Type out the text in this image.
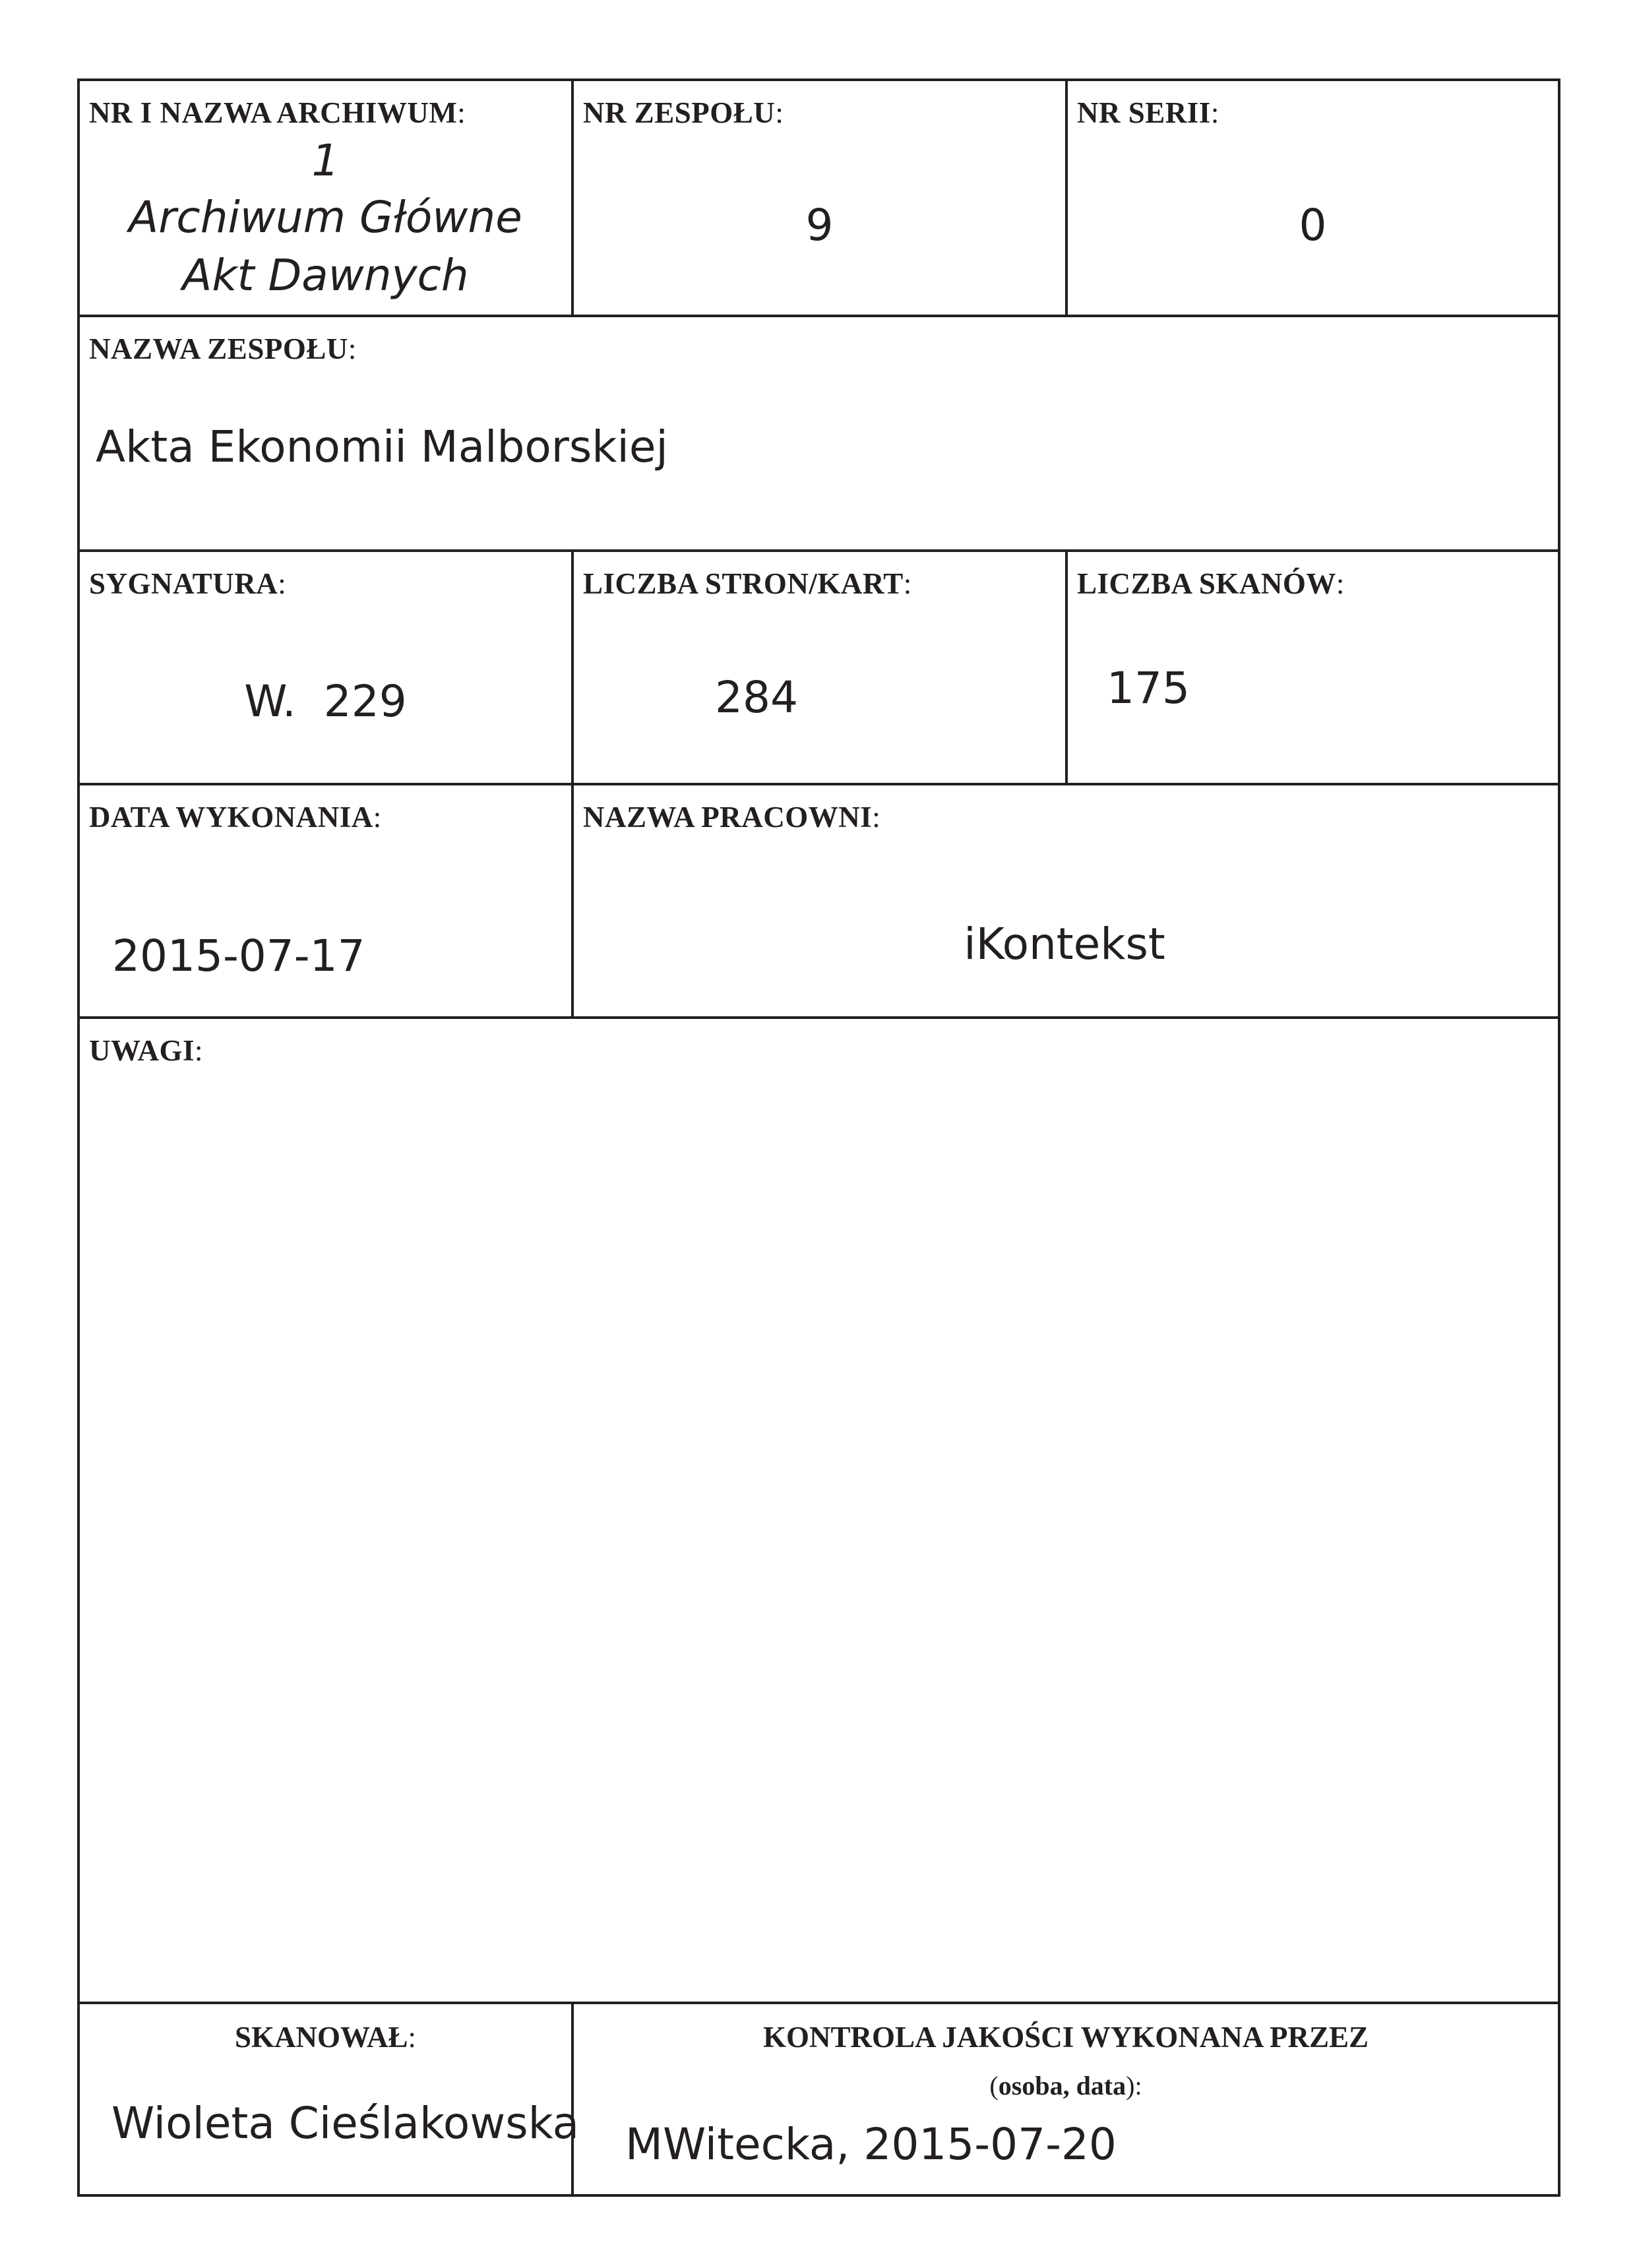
NR I NAZWA ARCHIWUM:
1
Archiwum Główne
Akt Dawnych
NR ZESPOŁU:
9
NR SERII:
0
NAZWA ZESPOŁU:
Akta Ekonomii Malborskiej
SYGNATURA:
W.  229
LICZBA STRON/KART:
284
LICZBA SKANÓW:
175
DATA WYKONANIA:
2015-07-17
NAZWA PRACOWNI:
iKontekst
UWAGI:
SKANOWAŁ:
Wioleta Cieślakowska
KONTROLA JAKOŚCI WYKONANA PRZEZ
(osoba, data):
MWitecka, 2015-07-20
